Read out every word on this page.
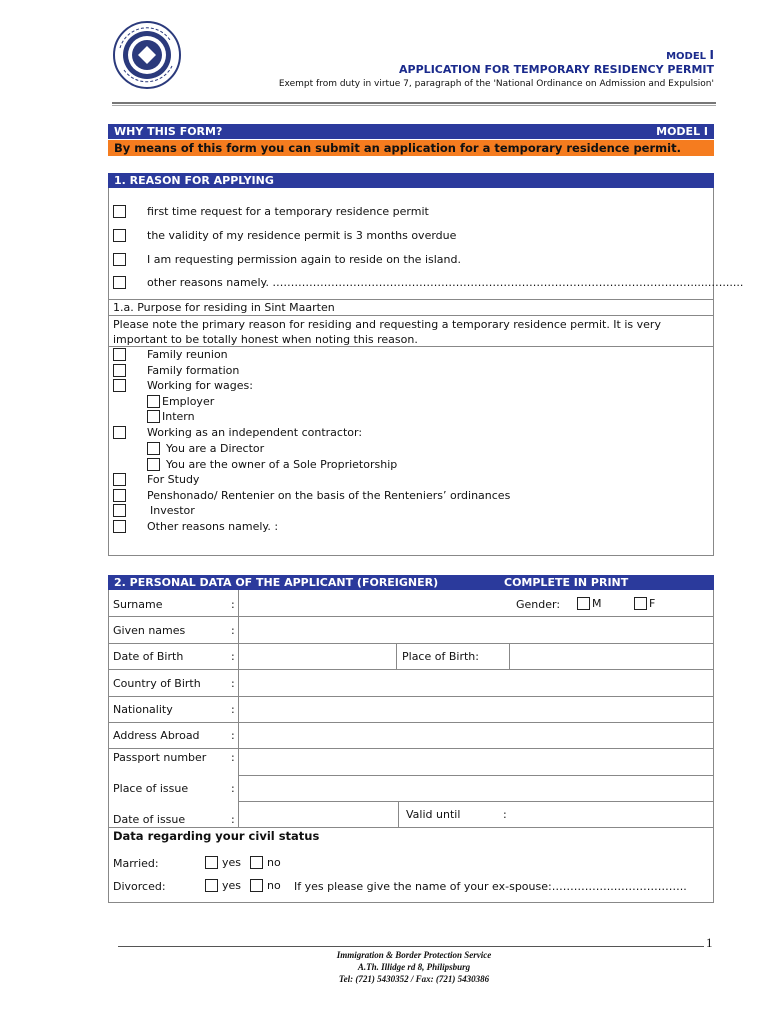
MODEL I
APPLICATION FOR TEMPORARY RESIDENCY PERMIT
Exempt from duty in virtue 7, paragraph of the 'National Ordinance on Admission and Expulsion'
WHY THIS FORM?	MODEL I
By means of this form you can submit an application for a temporary residence permit.
1. REASON FOR APPLYING
first time request for a temporary residence permit
the validity of my residence permit is 3 months overdue
I am requesting permission again to reside on the island.
other reasons namely. ……………………………………………………………………………………………………......…......
1.a. Purpose for residing in Sint Maarten
Please note the primary reason for residing and requesting a temporary residence permit. It is very important to be totally honest when noting this reason.
Family reunion
Family formation
Working for wages:
Employer
Intern
Working as an independent contractor:
You are a Director
You are the owner of a Sole Proprietorship
For Study
Penshonado/ Rentenier on the basis of the Renteniers’ ordinances
Investor
Other reasons namely. :
2. PERSONAL DATA OF THE APPLICANT (FOREIGNER)	COMPLETE IN PRINT
Surname	:	Gender:	M	F
Given names	:
Date of Birth	:	Place of Birth:
Country of Birth	:
Nationality	:
Address Abroad	:
Passport number :
Place of issue	:
Date of issue	:	Valid until	:
Data regarding your civil status
Married:	yes no
Divorced:	yes no If yes please give the name of your ex-spouse:……………..………………..
1
Immigration & Border Protection Service
A.Th. Illidge rd 8, Philipsburg
Tel: (721) 5430352 / Fax: (721) 5430386
